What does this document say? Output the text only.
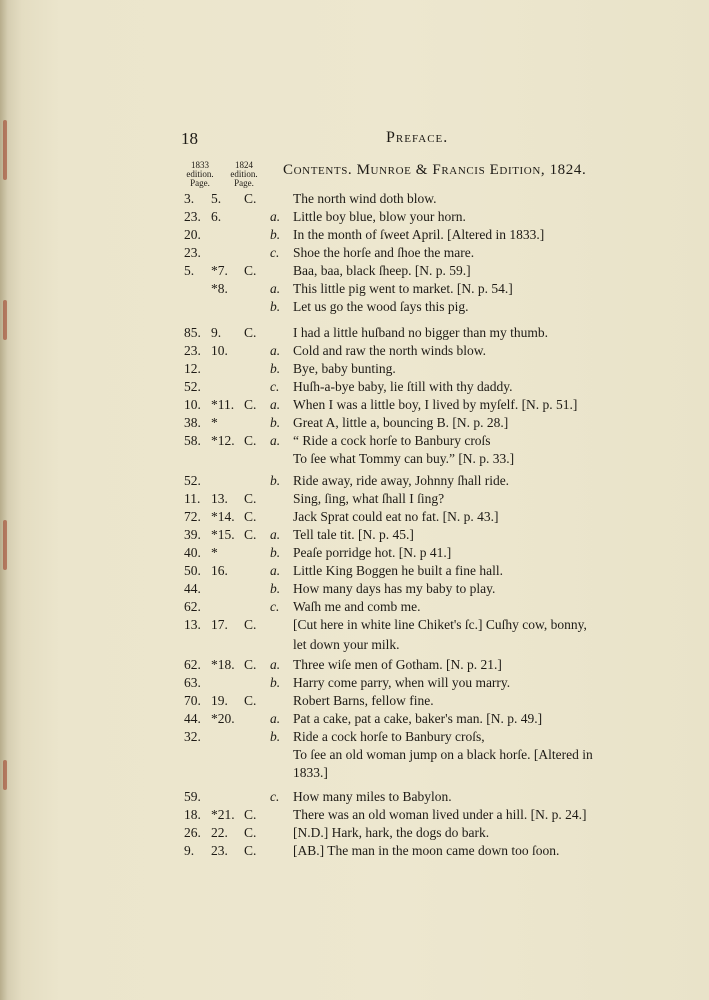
18	Preface.
1833
edition.
Page.
1824
edition.
Page.
Contents. Munroe & Francis Edition, 1824.
3. 5. C.	The north wind doth blow.
23. 6.	a. Little boy blue, blow your horn.
20.	b. In the month of ſweet April. [Altered in 1833.]
23.	c. Shoe the horſe and ſhoe the mare.
5. *7. C.	Baa, baa, black ſheep. [N. p. 59.]
*8.	a. This little pig went to market. [N. p. 54.]
b. Let us go the wood ſays this pig.
85. 9. C.	I had a little huſband no bigger than my thumb.
23. 10.	a. Cold and raw the north winds blow.
12.	b. Bye, baby bunting.
52.	c. Huſh-a-bye baby, lie ſtill with thy daddy.
10. *11. C. a. When I was a little boy, I lived by myſelf. [N. p. 51.]
38. *	b. Great A, little a, bouncing B. [N. p. 28.]
58. *12. C. a. “ Ride a cock horſe to Banbury croſs
To ſee what Tommy can buy.” [N. p. 33.]
52.	b. Ride away, ride away, Johnny ſhall ride.
11. 13. C.	Sing, ſing, what ſhall I ſing?
72. *14. C.	Jack Sprat could eat no fat. [N. p. 43.]
39. *15. C. a. Tell tale tit. [N. p. 45.]
40. *	b. Peaſe porridge hot. [N. p 41.]
50. 16.	a. Little King Boggen he built a fine hall.
44.	b. How many days has my baby to play.
62.	c. Waſh me and comb me.
13. 17. C.	[Cut here in white line Chiket's ſc.] Cuſhy cow, bonny,
let down your milk.
62. *18. C. a. Three wiſe men of Gotham. [N. p. 21.]
63.	b. Harry come parry, when will you marry.
70. 19. C.	Robert Barns, fellow fine.
44. *20.	a. Pat a cake, pat a cake, baker's man. [N. p. 49.]
32.	b. Ride a cock horſe to Banbury croſs,
To ſee an old woman jump on a black horſe. [Altered in
1833.]
59.	c. How many miles to Babylon.
18. *21. C.	There was an old woman lived under a hill. [N. p. 24.]
26. 22. C.	[N.D.] Hark, hark, the dogs do bark.
9. 23. C.	[AB.] The man in the moon came down too ſoon.
